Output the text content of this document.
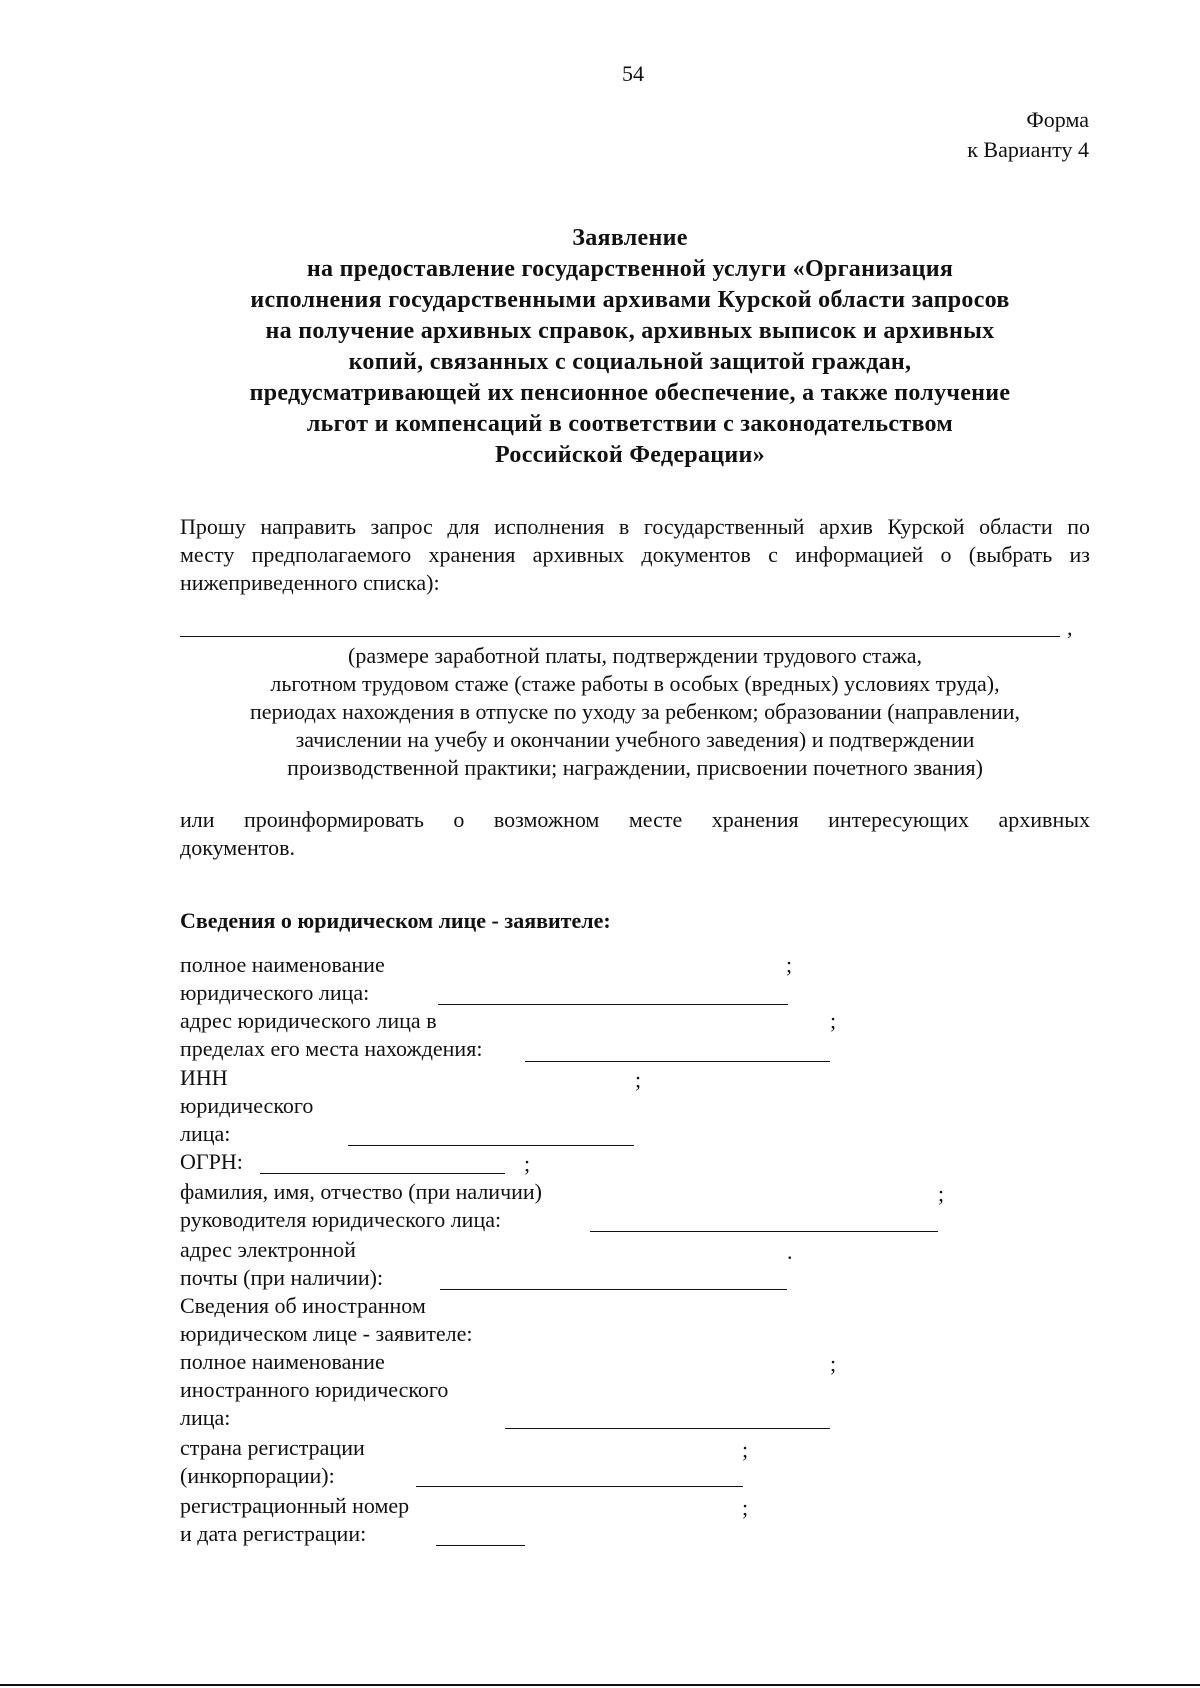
54
Форма
к Варианту 4
Заявление
на предоставление государственной услуги «Организация
исполнения государственными архивами Курской области запросов
на получение архивных справок, архивных выписок и архивных
копий, связанных с социальной защитой граждан,
предусматривающей их пенсионное обеспечение, а также получение
льгот и компенсаций в соответствии с законодательством
Российской Федерации»
Прошу направить запрос для исполнения в государственный архив Курской области по
месту предполагаемого хранения архивных документов с информацией о (выбрать из
нижеприведенного списка):
,
(размере заработной платы, подтверждении трудового стажа,
льготном трудовом стаже (стаже работы в особых (вредных) условиях труда),
периодах нахождения в отпуске по уходу за ребенком; образовании (направлении,
зачислении на учебу и окончании учебного заведения) и подтверждении
производственной практики; награждении, присвоении почетного звания)
или проинформировать о возможном месте хранения интересующих архивных
документов.
Сведения о юридическом лице - заявителе:
полное наименование	;
юридического лица:
адрес юридического лица в	;
пределах его места нахождения:
ИНН	;
юридического
лица:
ОГРН:	;
фамилия, имя, отчество (при наличии)	;
руководителя юридического лица:
адрес электронной	.
почты (при наличии):
Сведения об иностранном
юридическом лице - заявителе:
полное наименование	;
иностранного юридического
лица:
страна регистрации	;
(инкорпорации):
регистрационный номер	;
и дата регистрации:
